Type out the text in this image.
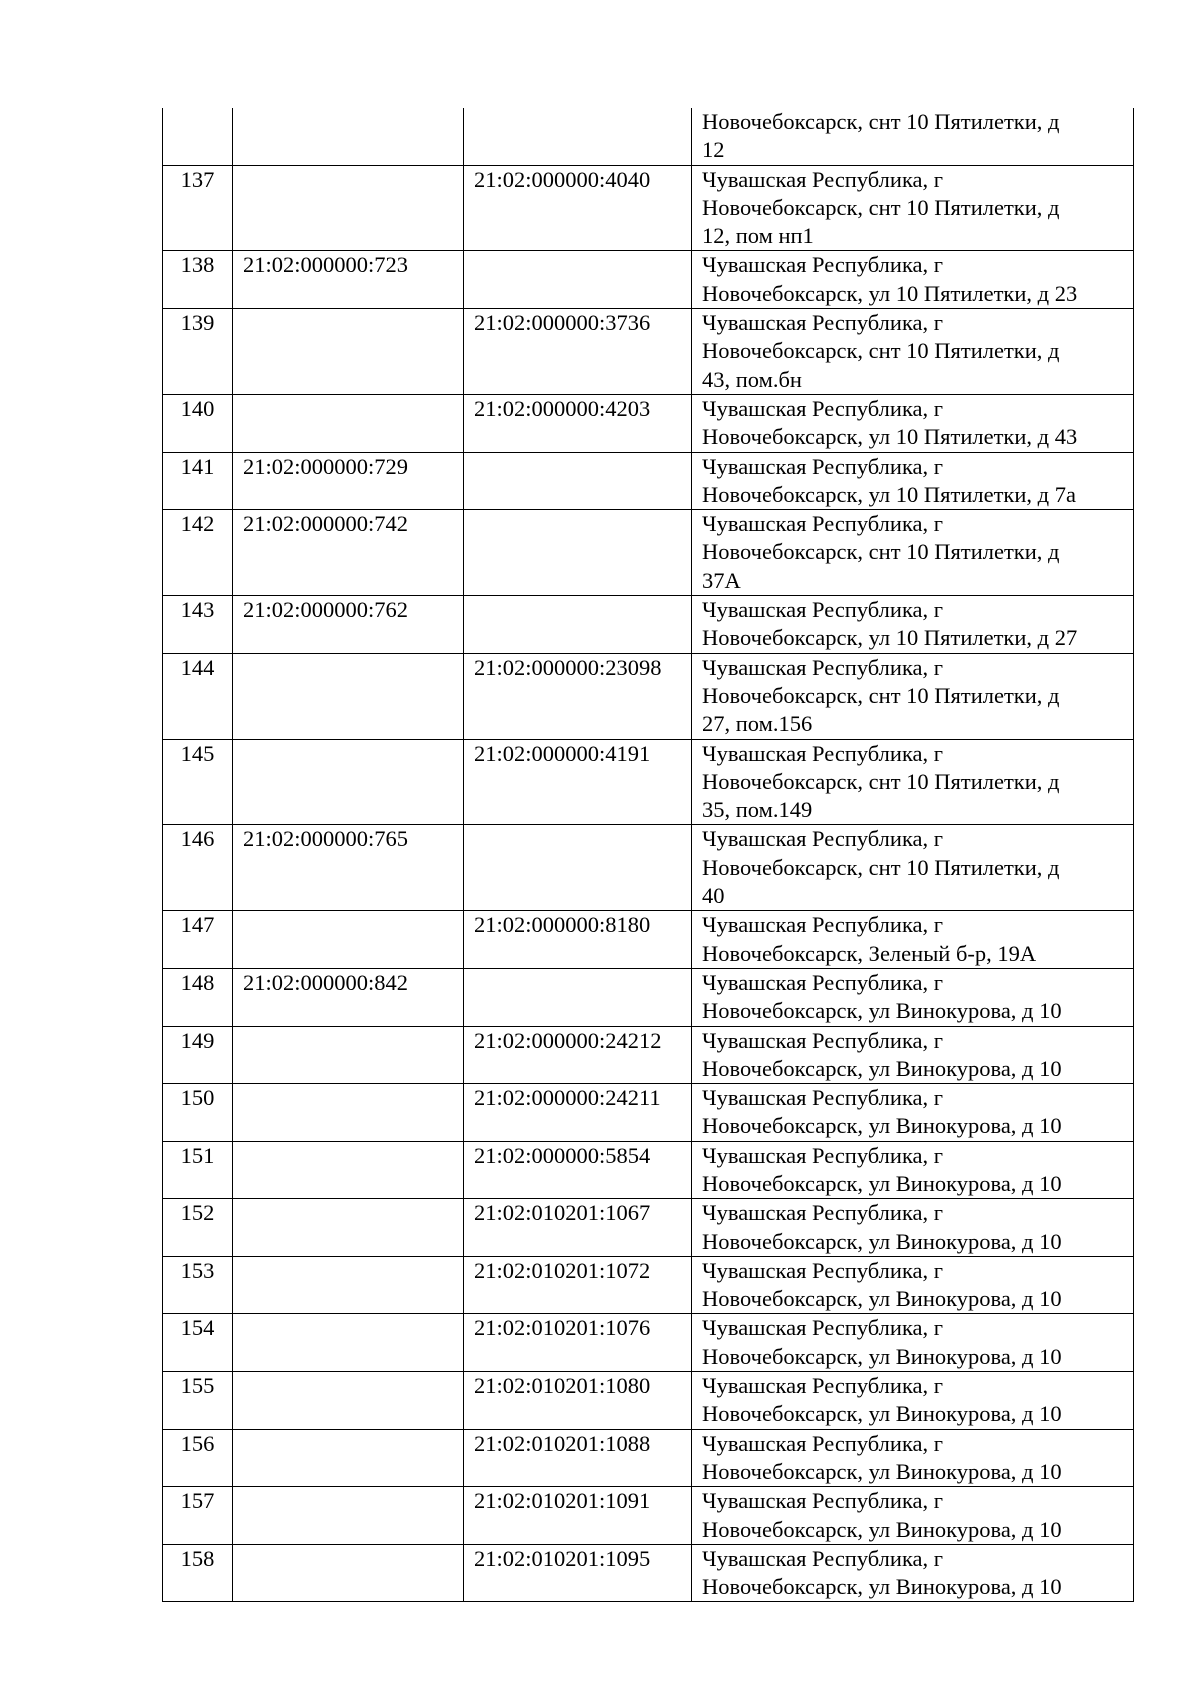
			Новочебоксарск, снт 10 Пятилетки, д
12
137		21:02:000000:4040	Чувашская Республика, г
Новочебоксарск, снт 10 Пятилетки, д
12, пом нп1
138	21:02:000000:723		Чувашская Республика, г
Новочебоксарск, ул 10 Пятилетки, д 23
139		21:02:000000:3736	Чувашская Республика, г
Новочебоксарск, снт 10 Пятилетки, д
43, пом.бн
140		21:02:000000:4203	Чувашская Республика, г
Новочебоксарск, ул 10 Пятилетки, д 43
141	21:02:000000:729		Чувашская Республика, г
Новочебоксарск, ул 10 Пятилетки, д 7а
142	21:02:000000:742		Чувашская Республика, г
Новочебоксарск, снт 10 Пятилетки, д
37А
143	21:02:000000:762		Чувашская Республика, г
Новочебоксарск, ул 10 Пятилетки, д 27
144		21:02:000000:23098	Чувашская Республика, г
Новочебоксарск, снт 10 Пятилетки, д
27, пом.156
145		21:02:000000:4191	Чувашская Республика, г
Новочебоксарск, снт 10 Пятилетки, д
35, пом.149
146	21:02:000000:765		Чувашская Республика, г
Новочебоксарск, снт 10 Пятилетки, д
40
147		21:02:000000:8180	Чувашская Республика, г
Новочебоксарск, Зеленый б-р, 19А
148	21:02:000000:842		Чувашская Республика, г
Новочебоксарск, ул Винокурова, д 10
149		21:02:000000:24212	Чувашская Республика, г
Новочебоксарск, ул Винокурова, д 10
150		21:02:000000:24211	Чувашская Республика, г
Новочебоксарск, ул Винокурова, д 10
151		21:02:000000:5854	Чувашская Республика, г
Новочебоксарск, ул Винокурова, д 10
152		21:02:010201:1067	Чувашская Республика, г
Новочебоксарск, ул Винокурова, д 10
153		21:02:010201:1072	Чувашская Республика, г
Новочебоксарск, ул Винокурова, д 10
154		21:02:010201:1076	Чувашская Республика, г
Новочебоксарск, ул Винокурова, д 10
155		21:02:010201:1080	Чувашская Республика, г
Новочебоксарск, ул Винокурова, д 10
156		21:02:010201:1088	Чувашская Республика, г
Новочебоксарск, ул Винокурова, д 10
157		21:02:010201:1091	Чувашская Республика, г
Новочебоксарск, ул Винокурова, д 10
158		21:02:010201:1095	Чувашская Республика, г
Новочебоксарск, ул Винокурова, д 10
